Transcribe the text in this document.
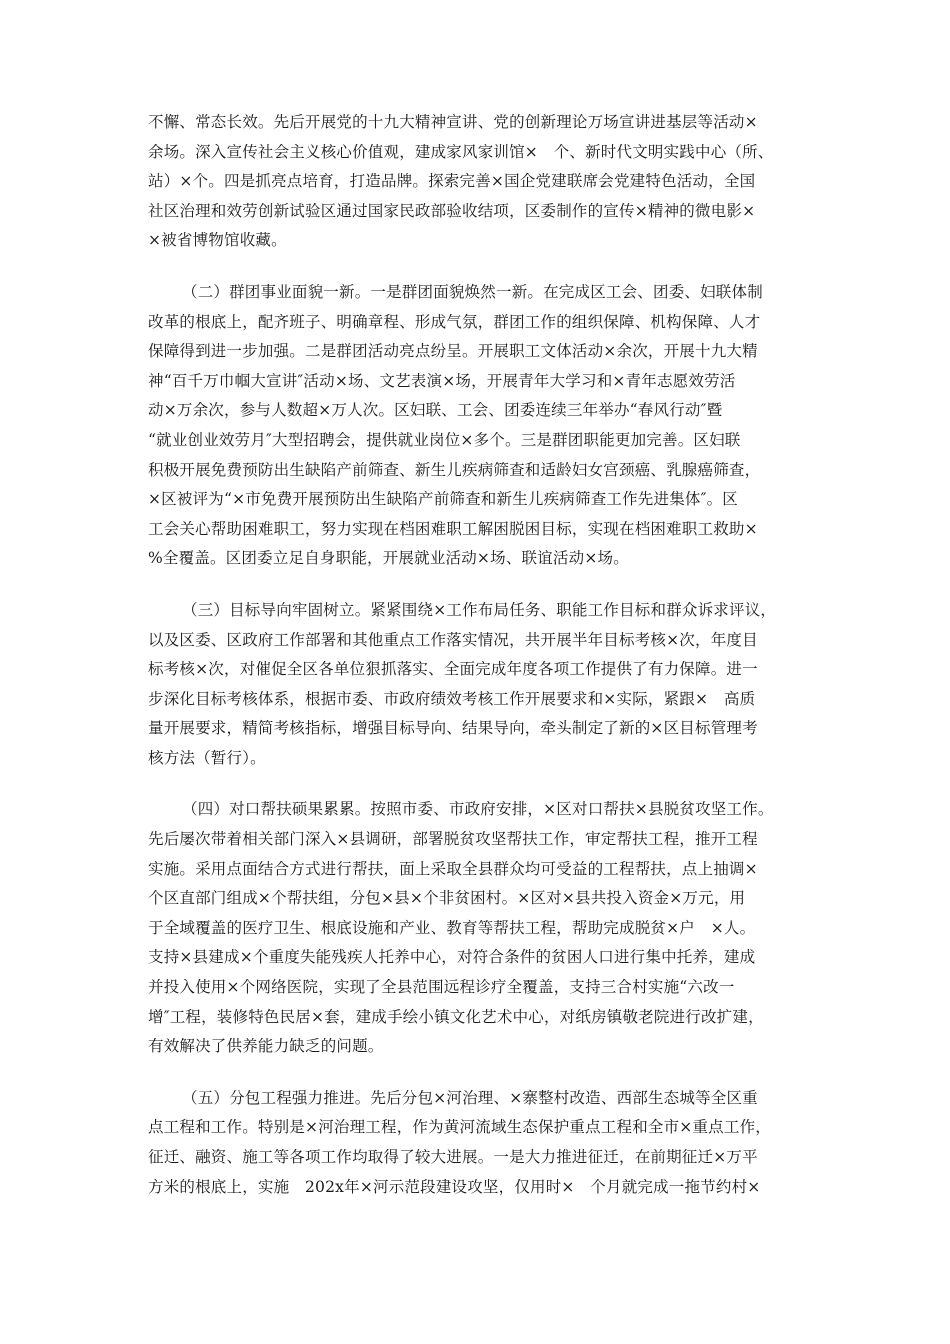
不懈、常态长效。先后开展党的十九大精神宣讲、党的创新理论万场宣讲进基层等活动×
余场。深入宣传社会主义核心价值观，建成家风家训馆×　个、新时代文明实践中心（所、
站）×个。四是抓亮点培育，打造品牌。探索完善×国企党建联席会党建特色活动，全国
社区治理和效劳创新试验区通过国家民政部验收结项，区委制作的宣传×精神的微电影×
×被省博物馆收藏。
（二）群团事业面貌一新。一是群团面貌焕然一新。在完成区工会、团委、妇联体制
改革的根底上，配齐班子、明确章程、形成气氛，群团工作的组织保障、机构保障、人才
保障得到进一步加强。二是群团活动亮点纷呈。开展职工文体活动×余次，开展十九大精
神“百千万巾帼大宣讲″活动×场、文艺表演×场，开展青年大学习和×青年志愿效劳活
动×万余次，参与人数超×万人次。区妇联、工会、团委连续三年举办“春风行动″暨
“就业创业效劳月″大型招聘会，提供就业岗位×多个。三是群团职能更加完善。区妇联
积极开展免费预防出生缺陷产前筛查、新生儿疾病筛查和适龄妇女宫颈癌、乳腺癌筛查，
×区被评为“×市免费开展预防出生缺陷产前筛查和新生儿疾病筛查工作先进集体″。区
工会关心帮助困难职工，努力实现在档困难职工解困脱困目标，实现在档困难职工救助×
%全覆盖。区团委立足自身职能，开展就业活动×场、联谊活动×场。
（三）目标导向牢固树立。紧紧围绕×工作布局任务、职能工作目标和群众诉求评议，
以及区委、区政府工作部署和其他重点工作落实情况，共开展半年目标考核×次，年度目
标考核×次，对催促全区各单位狠抓落实、全面完成年度各项工作提供了有力保障。进一
步深化目标考核体系，根据市委、市政府绩效考核工作开展要求和×实际，紧跟×　高质
量开展要求，精简考核指标，增强目标导向、结果导向，牵头制定了新的×区目标管理考
核方法（暂行）。
（四）对口帮扶硕果累累。按照市委、市政府安排，×区对口帮扶×县脱贫攻坚工作。
先后屡次带着相关部门深入×县调研，部署脱贫攻坚帮扶工作，审定帮扶工程，推开工程
实施。采用点面结合方式进行帮扶，面上采取全县群众均可受益的工程帮扶，点上抽调×
个区直部门组成×个帮扶组，分包×县×个非贫困村。×区对×县共投入资金×万元，用
于全域覆盖的医疗卫生、根底设施和产业、教育等帮扶工程，帮助完成脱贫×户　×人。
支持×县建成×个重度失能残疾人托养中心，对符合条件的贫困人口进行集中托养，建成
并投入使用×个网络医院，实现了全县范围远程诊疗全覆盖，支持三合村实施“六改一
增″工程，装修特色民居×套，建成手绘小镇文化艺术中心，对纸房镇敬老院进行改扩建，
有效解决了供养能力缺乏的问题。
（五）分包工程强力推进。先后分包×河治理、×寨整村改造、西部生态城等全区重
点工程和工作。特别是×河治理工程，作为黄河流域生态保护重点工程和全市×重点工作，
征迁、融资、施工等各项工作均取得了较大进展。一是大力推进征迁，在前期征迁×万平
方米的根底上，实施　202x年×河示范段建设攻坚，仅用时×　个月就完成一拖节约村×
